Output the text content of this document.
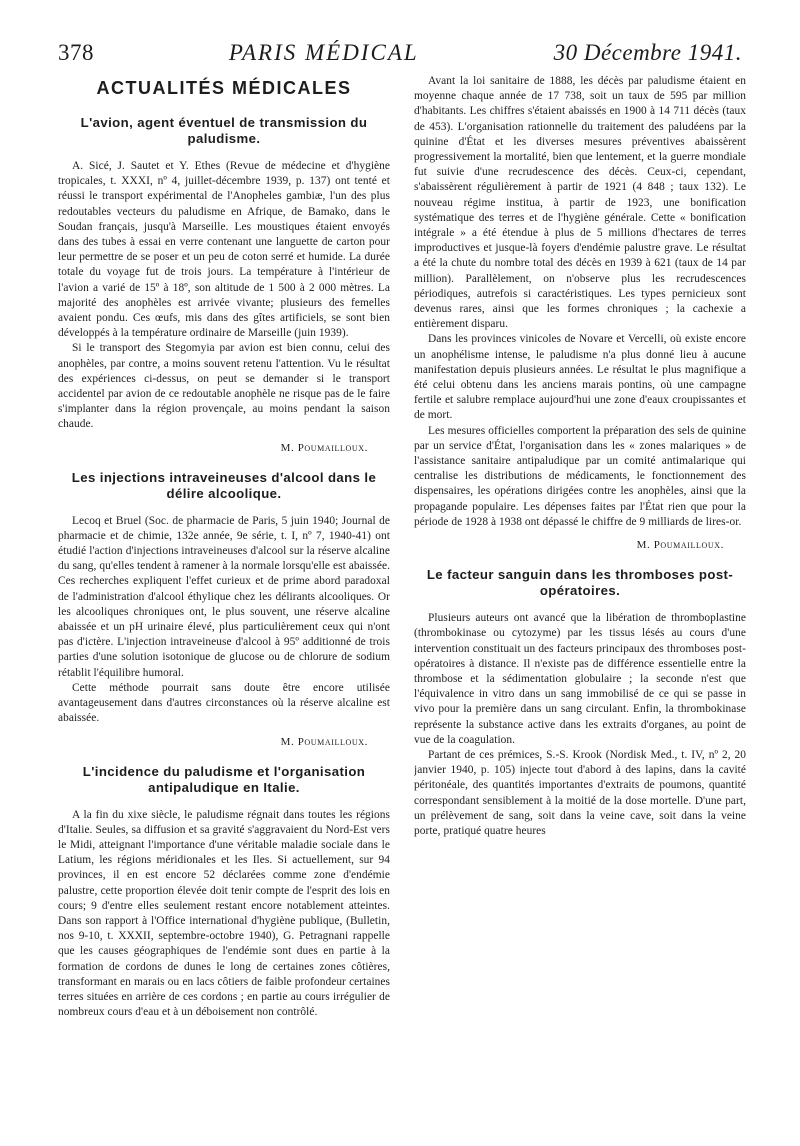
378	PARIS MÉDICAL	30 Décembre 1941.
ACTUALITÉS MÉDICALES
L'avion, agent éventuel de transmission du paludisme.

A. Sicé, J. Sautet et Y. Ethes (Revue de médecine et d'hygiène tropicales, t. XXXI, nº 4, juillet-décembre 1939, p. 137) ont tenté et réussi le transport expérimental de l'Anopheles gambiæ, l'un des plus redoutables vecteurs du paludisme en Afrique, de Bamako, dans le Soudan français, jusqu'à Marseille. Les moustiques étaient envoyés dans des tubes à essai en verre contenant une languette de carton pour leur permettre de se poser et un peu de coton serré et humide. La durée totale du voyage fut de trois jours. La température à l'intérieur de l'avion a varié de 15º à 18º, son altitude de 1 500 à 2 000 mètres. La majorité des anophèles est arrivée vivante; plusieurs des femelles avaient pondu. Ces œufs, mis dans des gîtes artificiels, se sont bien développés à la température ordinaire de Marseille (juin 1939).

Si le transport des Stegomyia par avion est bien connu, celui des anophèles, par contre, a moins souvent retenu l'attention. Vu le résultat des expériences ci-dessus, on peut se demander si le transport accidentel par avion de ce redoutable anophèle ne risque pas de le faire s'implanter dans la région provençale, au moins pendant la saison chaude.

M. Poumailloux.
Les injections intraveineuses d'alcool dans le délire alcoolique.

Lecoq et Bruel (Soc. de pharmacie de Paris, 5 juin 1940; Journal de pharmacie et de chimie, 132e année, 9e série, t. I, nº 7, 1940-41) ont étudié l'action d'injections intraveineuses d'alcool sur la réserve alcaline du sang, qu'elles tendent à ramener à la normale lorsqu'elle est abaissée. Ces recherches expliquent l'effet curieux et de prime abord paradoxal de l'administration d'alcool éthylique chez les délirants alcooliques. Or les alcooliques chroniques ont, le plus souvent, une réserve alcaline abaissée et un pH urinaire élevé, plus particulièrement ceux qui n'ont pas d'ictère. L'injection intraveineuse d'alcool à 95º additionné de trois parties d'une solution isotonique de glucose ou de chlorure de sodium rétablit l'équilibre humoral.

Cette méthode pourrait sans doute être encore utilisée avantageusement dans d'autres circonstances où la réserve alcaline est abaissée.

M. Poumailloux.
L'incidence du paludisme et l'organisation antipaludique en Italie.

A la fin du xixe siècle, le paludisme régnait dans toutes les régions d'Italie. Seules, sa diffusion et sa gravité s'aggravaient du Nord-Est vers le Midi, atteignant l'importance d'une véritable maladie sociale dans le Latium, les régions méridionales et les Iles. Si actuellement, sur 94 provinces, il en est encore 52 déclarées comme zone d'endémie palustre, cette proportion élevée doit tenir compte de l'esprit des lois en cours; 9 d'entre elles seulement restant encore notablement atteintes. Dans son rapport à l'Office international d'hygiène publique, (Bulletin, nos 9-10, t. XXXII, septembre-octobre 1940), G. Petragnani rappelle que les causes géographiques de l'endémie sont dues en partie à la formation de cordons de dunes le long de certaines zones côtières, transformant en marais ou en lacs côtiers de faible profondeur certaines terres situées en arrière de ces cordons ; en partie au cours irrégulier de nombreux cours d'eau et à un déboisement non contrôlé.

Avant la loi sanitaire de 1888, les décès par paludisme étaient en moyenne chaque année de 17 738, soit un taux de 595 par million d'habitants. Les chiffres s'étaient abaissés en 1900 à 14 711 décès (taux de 453). L'organisation rationnelle du traitement des paludéens par la quinine d'État et les diverses mesures préventives abaissèrent progressivement la mortalité, bien que lentement, et la guerre mondiale fut suivie d'une recrudescence des décès. Ceux-ci, cependant, s'abaissèrent régulièrement à partir de 1921 (4 848 ; taux 132). Le nouveau régime institua, à partir de 1923, une bonification systématique des terres et de l'hygiène générale. Cette « bonification intégrale » a été étendue à plus de 5 millions d'hectares de terres improductives et jusque-là foyers d'endémie palustre grave. Le résultat a été la chute du nombre total des décès en 1939 à 621 (taux de 14 par million). Parallèlement, on n'observe plus les recrudescences périodiques, autrefois si caractéristiques. Les types pernicieux sont devenus rares, ainsi que les formes chroniques ; la cachexie a entièrement disparu.

Dans les provinces vinicoles de Novare et Vercelli, où existe encore un anophélisme intense, le paludisme n'a plus donné lieu à aucune manifestation depuis plusieurs années. Le résultat le plus magnifique a été celui obtenu dans les anciens marais pontins, où une campagne fertile et salubre remplace aujourd'hui une zone d'eaux croupissantes et de mort.

Les mesures officielles comportent la préparation des sels de quinine par un service d'État, l'organisation dans les « zones malariques » de l'assistance sanitaire antipaludique par un comité antimalarique qui centralise les distributions de médicaments, le fonctionnement des dispensaires, les opérations dirigées contre les anophèles, ainsi que la propagande populaire. Les dépenses faites par l'État rien que pour la période de 1928 à 1938 ont dépassé le chiffre de 9 milliards de lires-or.

M. Poumailloux.
Le facteur sanguin dans les thromboses post-opératoires.

Plusieurs auteurs ont avancé que la libération de thromboplastine (thrombokinase ou cytozyme) par les tissus lésés au cours d'une intervention constituait un des facteurs principaux des thromboses post-opératoires à distance. Il n'existe pas de différence essentielle entre la thrombose et la sédimentation globulaire ; la seconde n'est que l'équivalence in vitro dans un sang immobilisé de ce qui se passe in vivo pour la première dans un sang circulant. Enfin, la thrombokinase représente la substance active dans les extraits d'organes, au point de vue de la coagulation.

Partant de ces prémices, S.-S. Krook (Nordisk Med., t. IV, nº 2, 20 janvier 1940, p. 105) injecte tout d'abord à des lapins, dans la cavité péritonéale, des quantités importantes d'extraits de poumons, quantité correspondant sensiblement à la moitié de la dose mortelle. D'une part, un prélèvement de sang, soit dans la veine cave, soit dans la veine porte, pratiqué quatre heures
